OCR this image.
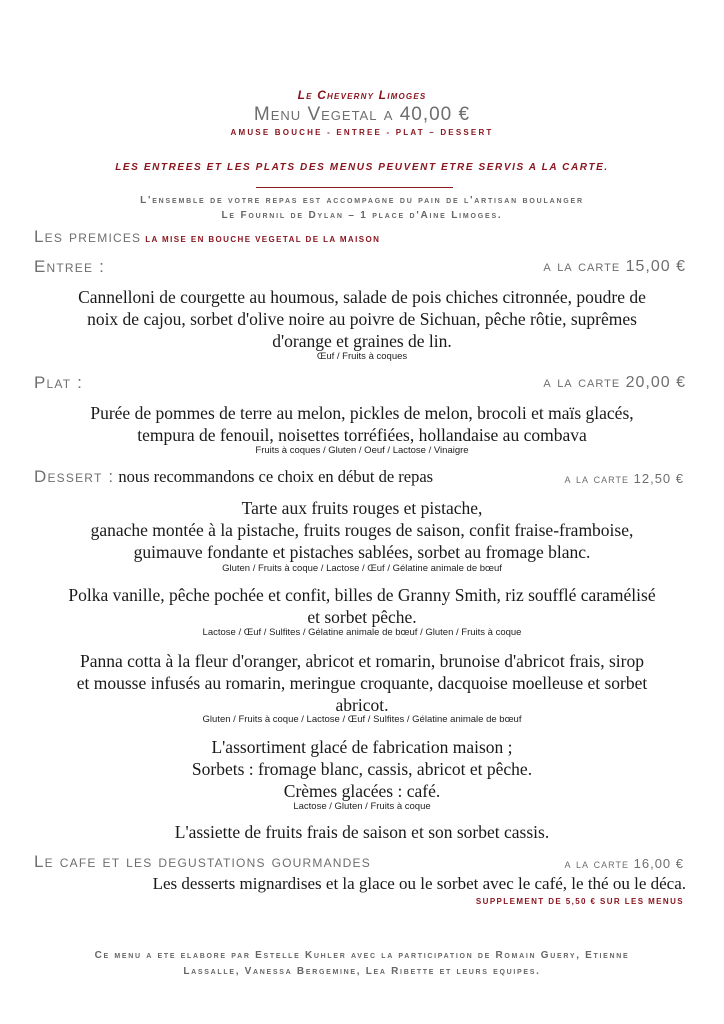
Le Cheverny Limoges
Menu Vegetal a 40,00 €
AMUSE BOUCHE - ENTREE - PLAT – DESSERT
LES ENTREES ET LES PLATS DES MENUS PEUVENT ETRE SERVIS A LA CARTE.
L'ensemble de votre repas est accompagne du pain de l'artisan boulanger
Le Fournil de Dylan – 1 place d'Aine Limoges.
Les premices LA MISE EN BOUCHE VEGETAL DE LA MAISON
Entree :	a la carte 15,00 €
Cannelloni de courgette au houmous, salade de pois chiches citronnée, poudre de
noix de cajou, sorbet d'olive noire au poivre de Sichuan, pêche rôtie, suprêmes
d'orange et graines de lin.
Œuf / Fruits à coques
Plat :	a la carte 20,00 €
Purée de pommes de terre au melon, pickles de melon, brocoli et maïs glacés,
tempura de fenouil, noisettes torréfiées, hollandaise au combava
Fruits à coques / Gluten / Oeuf / Lactose / Vinaigre
Dessert : nous recommandons ce choix en début de repas	a la carte 12,50 €
Tarte aux fruits rouges et pistache,
ganache montée à la pistache, fruits rouges de saison, confit fraise-framboise,
guimauve fondante et pistaches sablées, sorbet au fromage blanc.
Gluten / Fruits à coque / Lactose / Œuf / Gélatine animale de bœuf
Polka vanille, pêche pochée et confit, billes de Granny Smith, riz soufflé caramélisé
et sorbet pêche.
Lactose / Œuf / Sulfites / Gélatine animale de bœuf / Gluten / Fruits à coque
Panna cotta à la fleur d'oranger, abricot et romarin, brunoise d'abricot frais, sirop
et mousse infusés au romarin, meringue croquante, dacquoise moelleuse et sorbet
abricot.
Gluten / Fruits à coque / Lactose / Œuf / Sulfites / Gélatine animale de bœuf
L'assortiment glacé de fabrication maison ;
Sorbets : fromage blanc, cassis, abricot et pêche.
Crèmes glacées : café.
Lactose / Gluten / Fruits à coque
L'assiette de fruits frais de saison et son sorbet cassis.
Le cafe et les degustations gourmandes	a la carte 16,00 €
Les desserts mignardises et la glace ou le sorbet avec le café, le thé ou le déca.
SUPPLEMENT DE 5,50 € SUR LES MENUS
Ce menu a ete elabore par Estelle Kuhler avec la participation de Romain Guery, Etienne
Lassalle, Vanessa Bergemine, Lea Ribette et leurs equipes.
